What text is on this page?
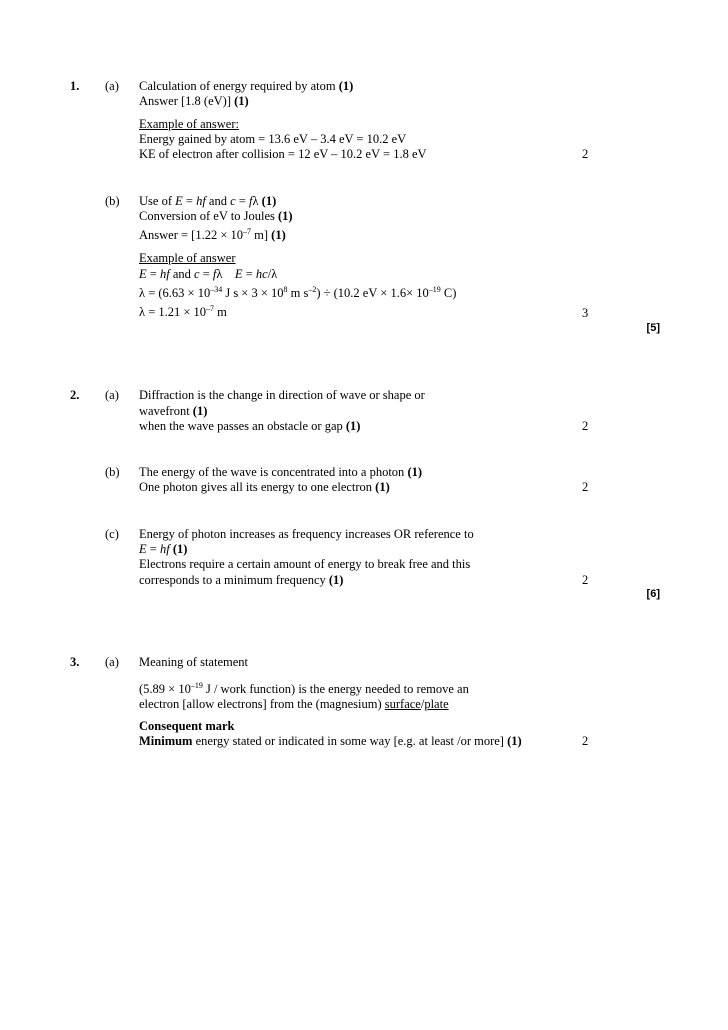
1. (a) Calculation of energy required by atom (1)
Answer [1.8 (eV)] (1)
Example of answer:
Energy gained by atom = 13.6 eV – 3.4 eV = 10.2 eV
KE of electron after collision = 12 eV – 10.2 eV = 1.8 eV	2
(b) Use of E = hf and c = fλ (1)
Conversion of eV to Joules (1)
Answer = [$1.22 \times 10^{-7}$ m] (1)
Example of answer
E = hf and c = fλ E = hc/λ
$\lambda = (6.63 \times 10^{-34}$ J $s \times 3 \times 10^8$ m $s^{-2}) \div (10.2$ eV × $1.6\times 10^{-19}$ C)
$\lambda = 1.21 \times 10^{-7}$ m	3
[5]
2. (a) Diffraction is the change in direction of wave or shape or
wavefront (1)
when the wave passes an obstacle or gap (1)	2
(b) The energy of the wave is concentrated into a photon (1)
One photon gives all its energy to one electron (1)	2
(c) Energy of photon increases as frequency increases OR reference to
E = hf (1)
Electrons require a certain amount of energy to break free and this
corresponds to a minimum frequency (1)	2
[6]
3. (a) Meaning of statement
($5.89 \times 10^{-19}$ J / work function) is the energy needed to remove an
electron [allow electrons] from the (magnesium) surface/plate
Consequent mark
Minimum energy stated or indicated in some way [e.g. at least /or more] (1)	2
